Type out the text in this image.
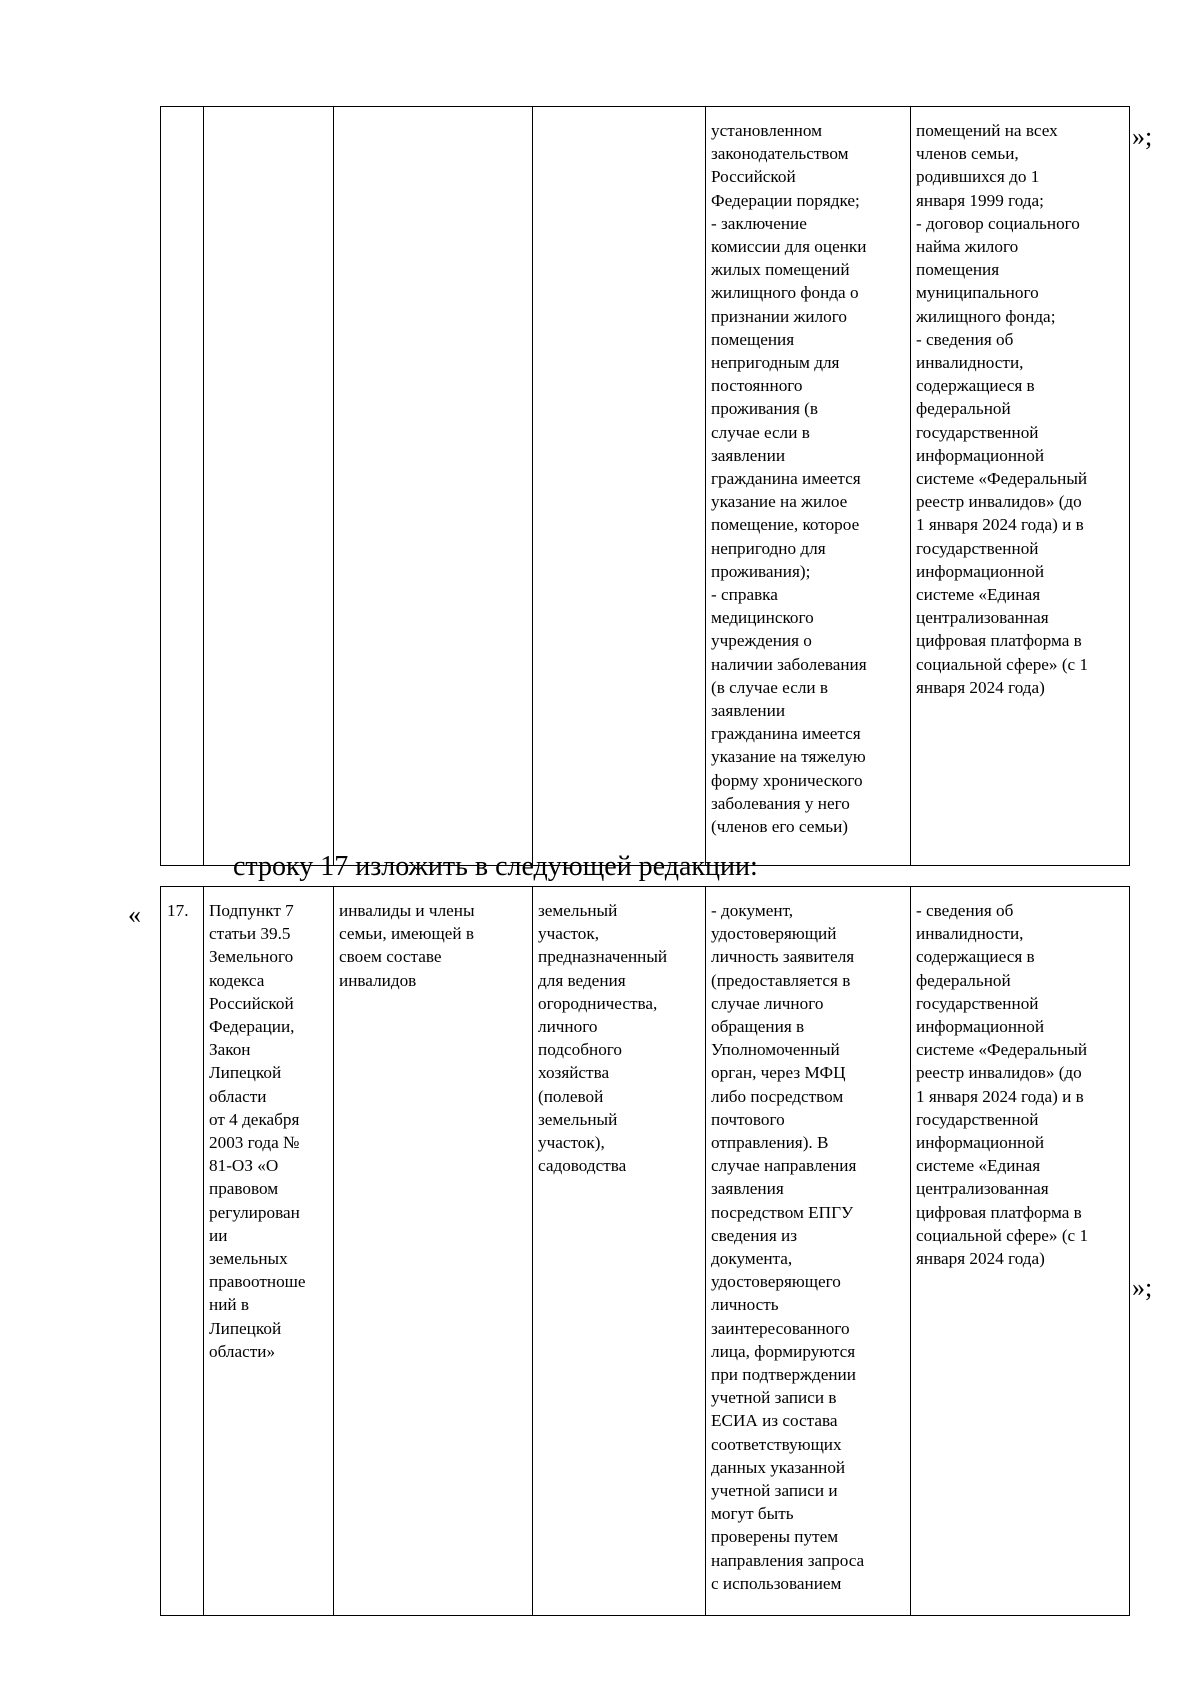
				установленном
законодательством
Российской
Федерации порядке;
- заключение
комиссии для оценки
жилых помещений
жилищного фонда о
признании жилого
помещения
непригодным для
постоянного
проживания (в
случае если в
заявлении
гражданина имеется
указание на жилое
помещение, которое
непригодно для
проживания);
- справка
медицинского
учреждения о
наличии заболевания
(в случае если в
заявлении
гражданина имеется
указание на тяжелую
форму хронического
заболевания у него
(членов его семьи)	помещений на всех
членов семьи,
родившихся до 1
января 1999 года;
- договор социального
найма жилого
помещения
муниципального
жилищного фонда;
- сведения об
инвалидности,
содержащиеся в
федеральной
государственной
информационной
системе «Федеральный
реестр инвалидов» (до
1 января 2024 года) и в
государственной
информационной
системе «Единая
централизованная
цифровая платформа в
социальной сфере» (с 1
января 2024 года)
»;
строку 17 изложить в следующей редакции:
« 17.	Подпункт 7
статьи 39.5
Земельного
кодекса
Российской
Федерации,
Закон
Липецкой
области
от 4 декабря
2003 года №
81-ОЗ «О
правовом
регулирован
ии
земельных
правоотноше
ний в
Липецкой
области»	инвалиды и члены
семьи, имеющей в
своем составе
инвалидов	земельный
участок,
предназначенный
для ведения
огородничества,
личного
подсобного
хозяйства
(полевой
земельный
участок),
садоводства	- документ,
удостоверяющий
личность заявителя
(предоставляется в
случае личного
обращения в
Уполномоченный
орган, через МФЦ
либо посредством
почтового
отправления). В
случае направления
заявления
посредством ЕПГУ
сведения из
документа,
удостоверяющего
личность
заинтересованного
лица, формируются
при подтверждении
учетной записи в
ЕСИА из состава
соответствующих
данных указанной
учетной записи и
могут быть
проверены путем
направления запроса
с использованием	- сведения об
инвалидности,
содержащиеся в
федеральной
государственной
информационной
системе «Федеральный
реестр инвалидов» (до
1 января 2024 года) и в
государственной
информационной
системе «Единая
централизованная
цифровая платформа в
социальной сфере» (с 1
января 2024 года)
»;
